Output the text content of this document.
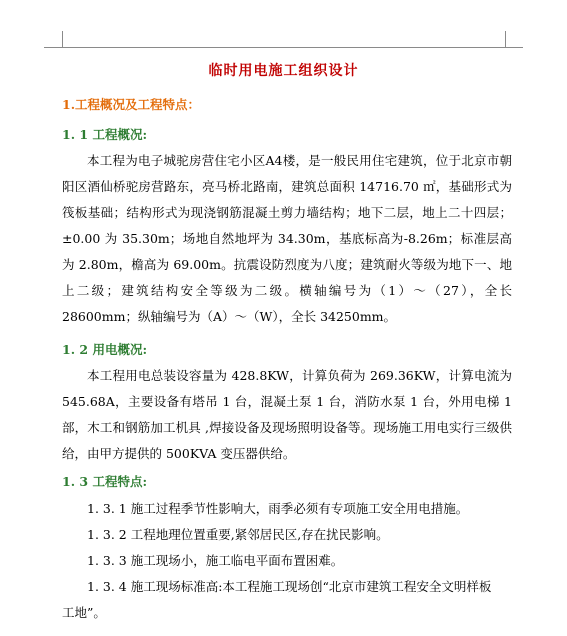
临时用电施工组织设计
1.工程概况及工程特点：
1. 1 工程概况:
本工程为电子城驼房营住宅小区A4楼，是一般民用住宅建筑，位于北京市朝阳区酒仙桥驼房营路东，亮马桥北路南，建筑总面积 14716.70 ㎡，基础形式为筏板基础；结构形式为现浇钢筋混凝土剪力墙结构；地下二层，地上二十四层；±0.00 为 35.30m；场地自然地坪为 34.30m，基底标高为-8.26m；标准层高为 2.80m，檐高为 69.00m。抗震设防烈度为八度；建筑耐火等级为地下一、地上二级；建筑结构安全等级为二级。横轴编号为（1）～（27），全长 28600mm；纵轴编号为（A）～（W），全长 34250mm。
1. 2 用电概况:
本工程用电总装设容量为 428.8KW，计算负荷为 269.36KW，计算电流为 545.68A，主要设备有塔吊 1 台，混凝土泵 1 台，消防水泵 1 台，外用电梯 1 部，木工和钢筋加工机具 ,焊接设备及现场照明设备等。现场施工用电实行三级供给，由甲方提供的 500KVA 变压器供给。
1. 3 工程特点:
1. 3. 1 施工过程季节性影响大，雨季必须有专项施工安全用电措施。
1. 3. 2 工程地理位置重要,紧邻居民区,存在扰民影响。
1. 3. 3 施工现场小，施工临电平面布置困难。
1. 3. 4 施工现场标准高:本工程施工现场创“北京市建筑工程安全文明样板
工地”。
